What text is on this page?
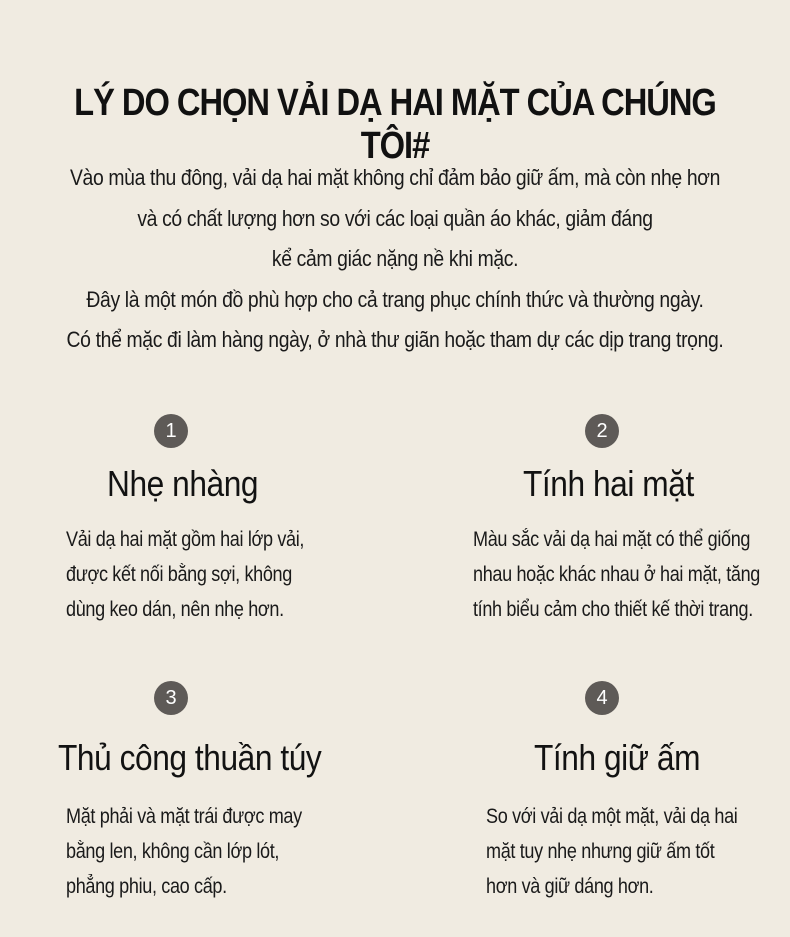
LÝ DO CHỌN VẢI DẠ HAI MẶT CỦA CHÚNG TÔI#
Vào mùa thu đông, vải dạ hai mặt không chỉ đảm bảo giữ ấm, mà còn nhẹ hơn
và có chất lượng hơn so với các loại quần áo khác, giảm đáng
kể cảm giác nặng nề khi mặc.
Đây là một món đồ phù hợp cho cả trang phục chính thức và thường ngày.
Có thể mặc đi làm hàng ngày, ở nhà thư giãn hoặc tham dự các dịp trang trọng.
1
Nhẹ nhàng
Vải dạ hai mặt gồm hai lớp vải,
được kết nối bằng sợi, không
dùng keo dán, nên nhẹ hơn.
2
Tính hai mặt
Màu sắc vải dạ hai mặt có thể giống
nhau hoặc khác nhau ở hai mặt, tăng
tính biểu cảm cho thiết kế thời trang.
3
Thủ công thuần túy
Mặt phải và mặt trái được may
bằng len, không cần lớp lót,
phẳng phiu, cao cấp.
4
Tính giữ ấm
So với vải dạ một mặt, vải dạ hai
mặt tuy nhẹ nhưng giữ ấm tốt
hơn và giữ dáng hơn.
